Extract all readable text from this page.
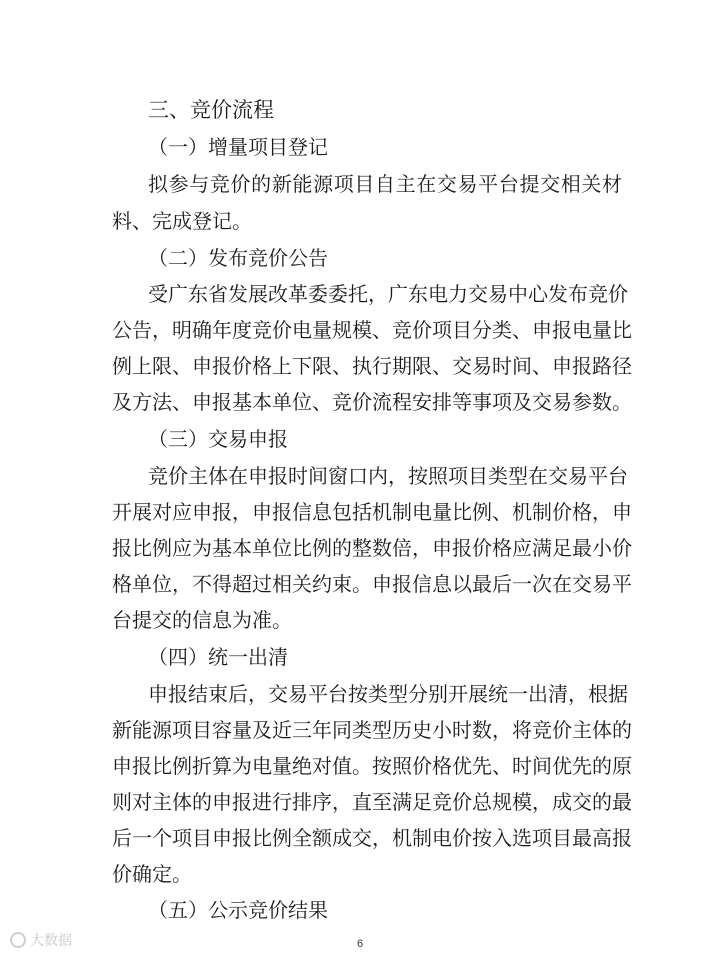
三、竞价流程
（一）增量项目登记
拟参与竞价的新能源项目自主在交易平台提交相关材
料、完成登记。
（二）发布竞价公告
受广东省发展改革委委托，广东电力交易中心发布竞价
公告，明确年度竞价电量规模、竞价项目分类、申报电量比
例上限、申报价格上下限、执行期限、交易时间、申报路径
及方法、申报基本单位、竞价流程安排等事项及交易参数。
（三）交易申报
竞价主体在申报时间窗口内，按照项目类型在交易平台
开展对应申报，申报信息包括机制电量比例、机制价格，申
报比例应为基本单位比例的整数倍，申报价格应满足最小价
格单位，不得超过相关约束。申报信息以最后一次在交易平
台提交的信息为准。
（四）统一出清
申报结束后，交易平台按类型分别开展统一出清，根据
新能源项目容量及近三年同类型历史小时数，将竞价主体的
申报比例折算为电量绝对值。按照价格优先、时间优先的原
则对主体的申报进行排序，直至满足竞价总规模，成交的最
后一个项目申报比例全额成交，机制电价按入选项目最高报
价确定。
（五）公示竞价结果
6
大数据
